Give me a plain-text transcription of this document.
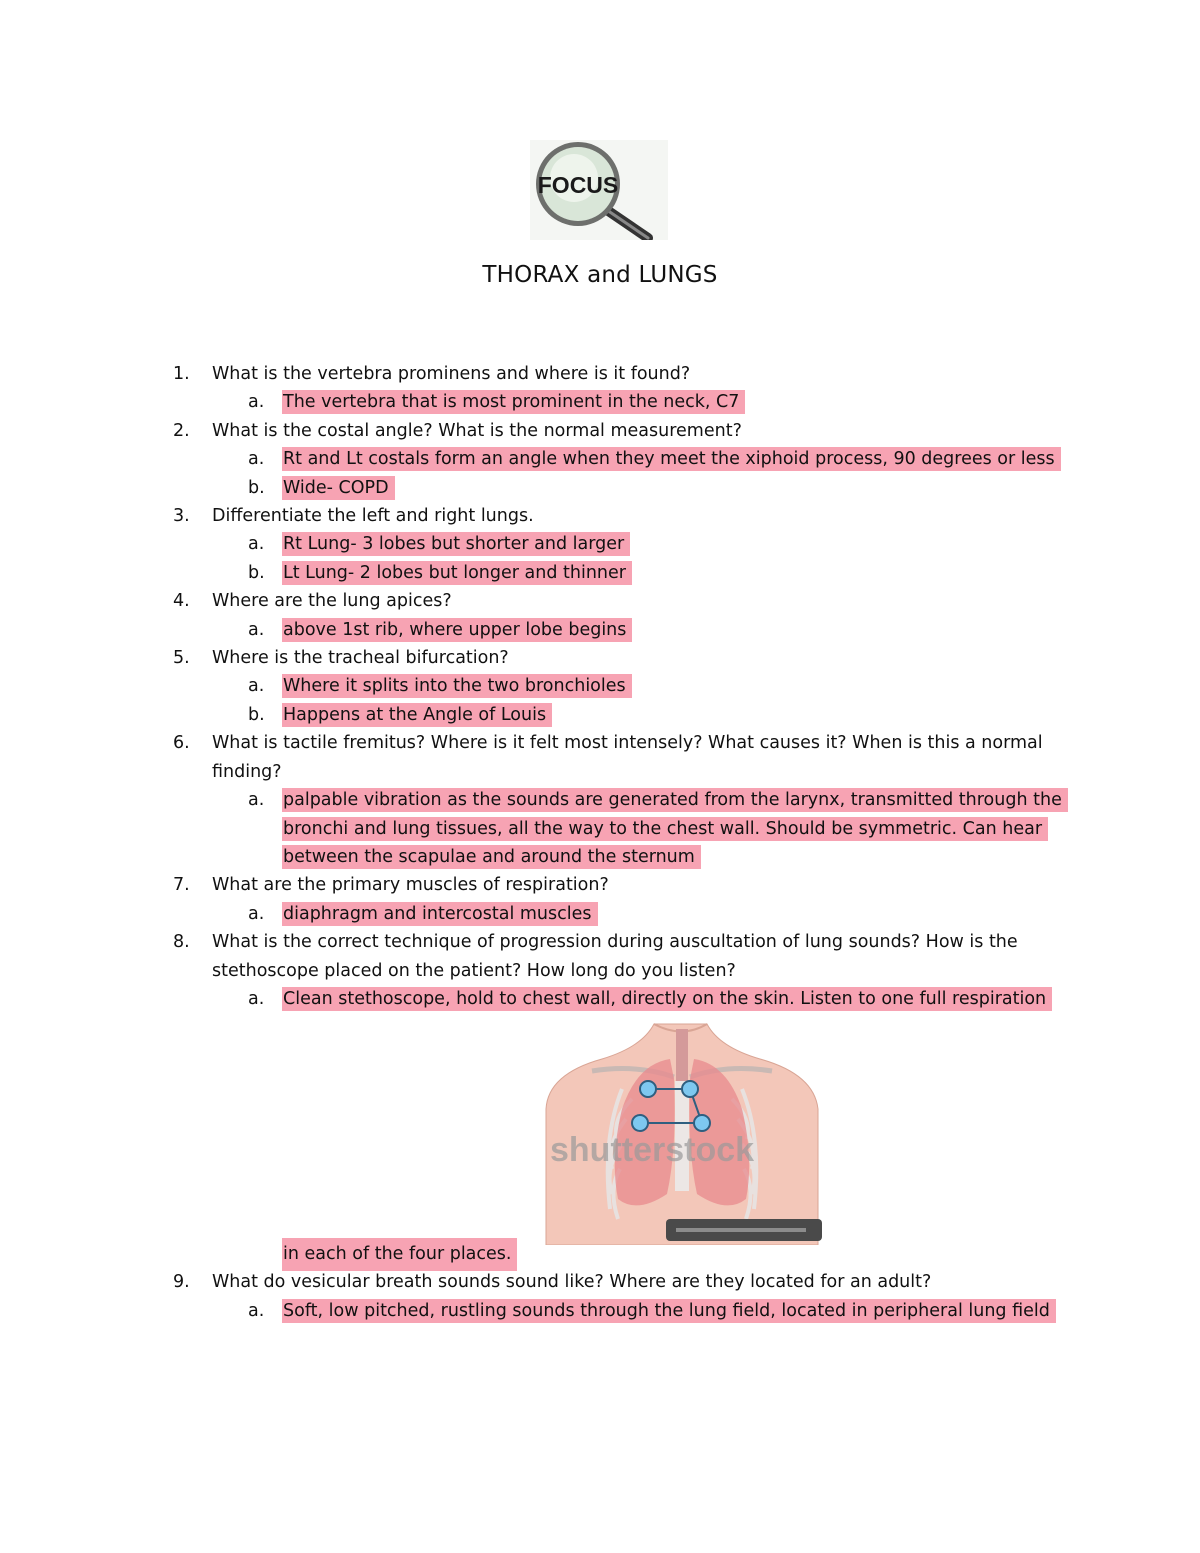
FOCUS
THORAX and LUNGS
1. What is the vertebra prominens and where is it found?
a. The vertebra that is most prominent in the neck, C7
2. What is the costal angle? What is the normal measurement?
a. Rt and Lt costals form an angle when they meet the xiphoid process, 90 degrees or less
b. Wide- COPD
3. Differentiate the left and right lungs.
a. Rt Lung- 3 lobes but shorter and larger
b. Lt Lung- 2 lobes but longer and thinner
4. Where are the lung apices?
a. above 1st rib, where upper lobe begins
5. Where is the tracheal bifurcation?
a. Where it splits into the two bronchioles
b. Happens at the Angle of Louis
6. What is tactile fremitus? Where is it felt most intensely? What causes it? When is this a normal finding?
a. palpable vibration as the sounds are generated from the larynx, transmitted through the bronchi and lung tissues, all the way to the chest wall. Should be symmetric. Can hear between the scapulae and around the sternum
7. What are the primary muscles of respiration?
a. diaphragm and intercostal muscles
8. What is the correct technique of progression during auscultation of lung sounds? How is the stethoscope placed on the patient? How long do you listen?
a. Clean stethoscope, hold to chest wall, directly on the skin. Listen to one full respiration
shutterstock
in each of the four places.
9. What do vesicular breath sounds sound like? Where are they located for an adult?
a. Soft, low pitched, rustling sounds through the lung field, located in peripheral lung field
